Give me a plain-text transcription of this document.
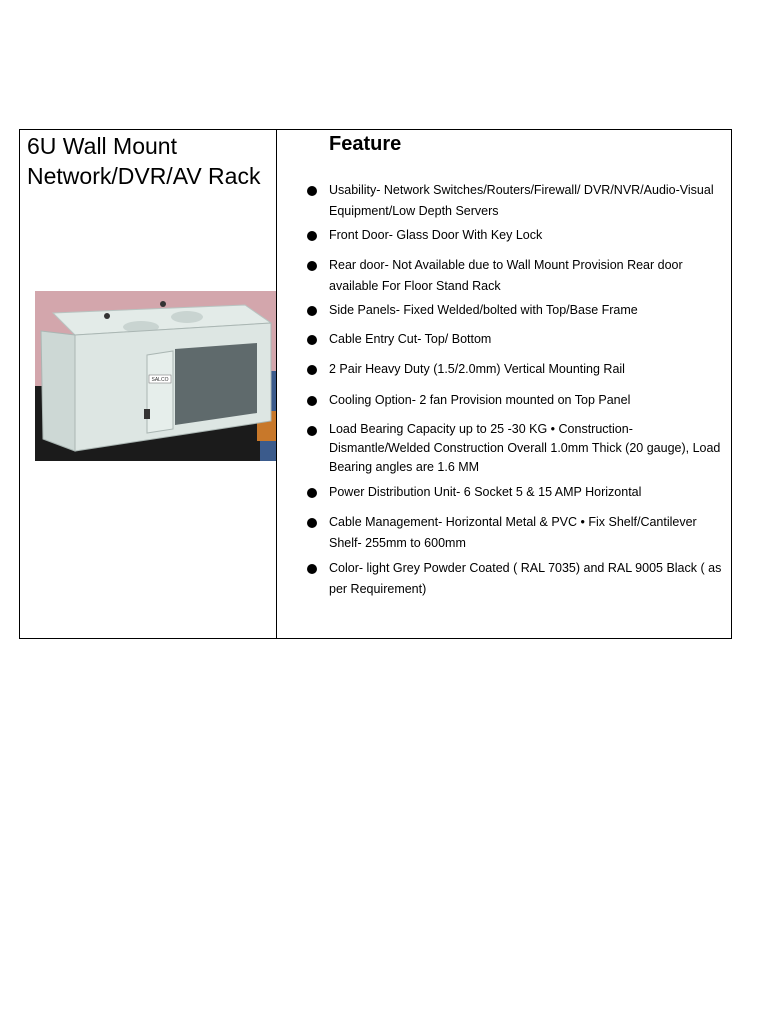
6U Wall Mount Network/DVR/AV Rack
SALCO
Feature
Usability- Network Switches/Routers/Firewall/ DVR/NVR/Audio-Visual Equipment/Low Depth Servers
Front Door- Glass Door With Key Lock
Rear door- Not Available due to Wall Mount Provision Rear door available For Floor Stand Rack
Side Panels- Fixed Welded/bolted with Top/Base Frame
Cable Entry Cut- Top/ Bottom
2 Pair Heavy Duty (1.5/2.0mm) Vertical Mounting Rail
Cooling Option- 2 fan Provision mounted on Top Panel
Load Bearing Capacity up to 25 -30 KG • Construction-Dismantle/Welded Construction Overall 1.0mm Thick (20 gauge), Load Bearing angles are 1.6 MM
Power Distribution Unit- 6 Socket 5 & 15 AMP Horizontal
Cable Management- Horizontal Metal & PVC • Fix Shelf/Cantilever Shelf- 255mm to 600mm
Color- light Grey Powder Coated ( RAL 7035) and RAL 9005 Black ( as per Requirement)
